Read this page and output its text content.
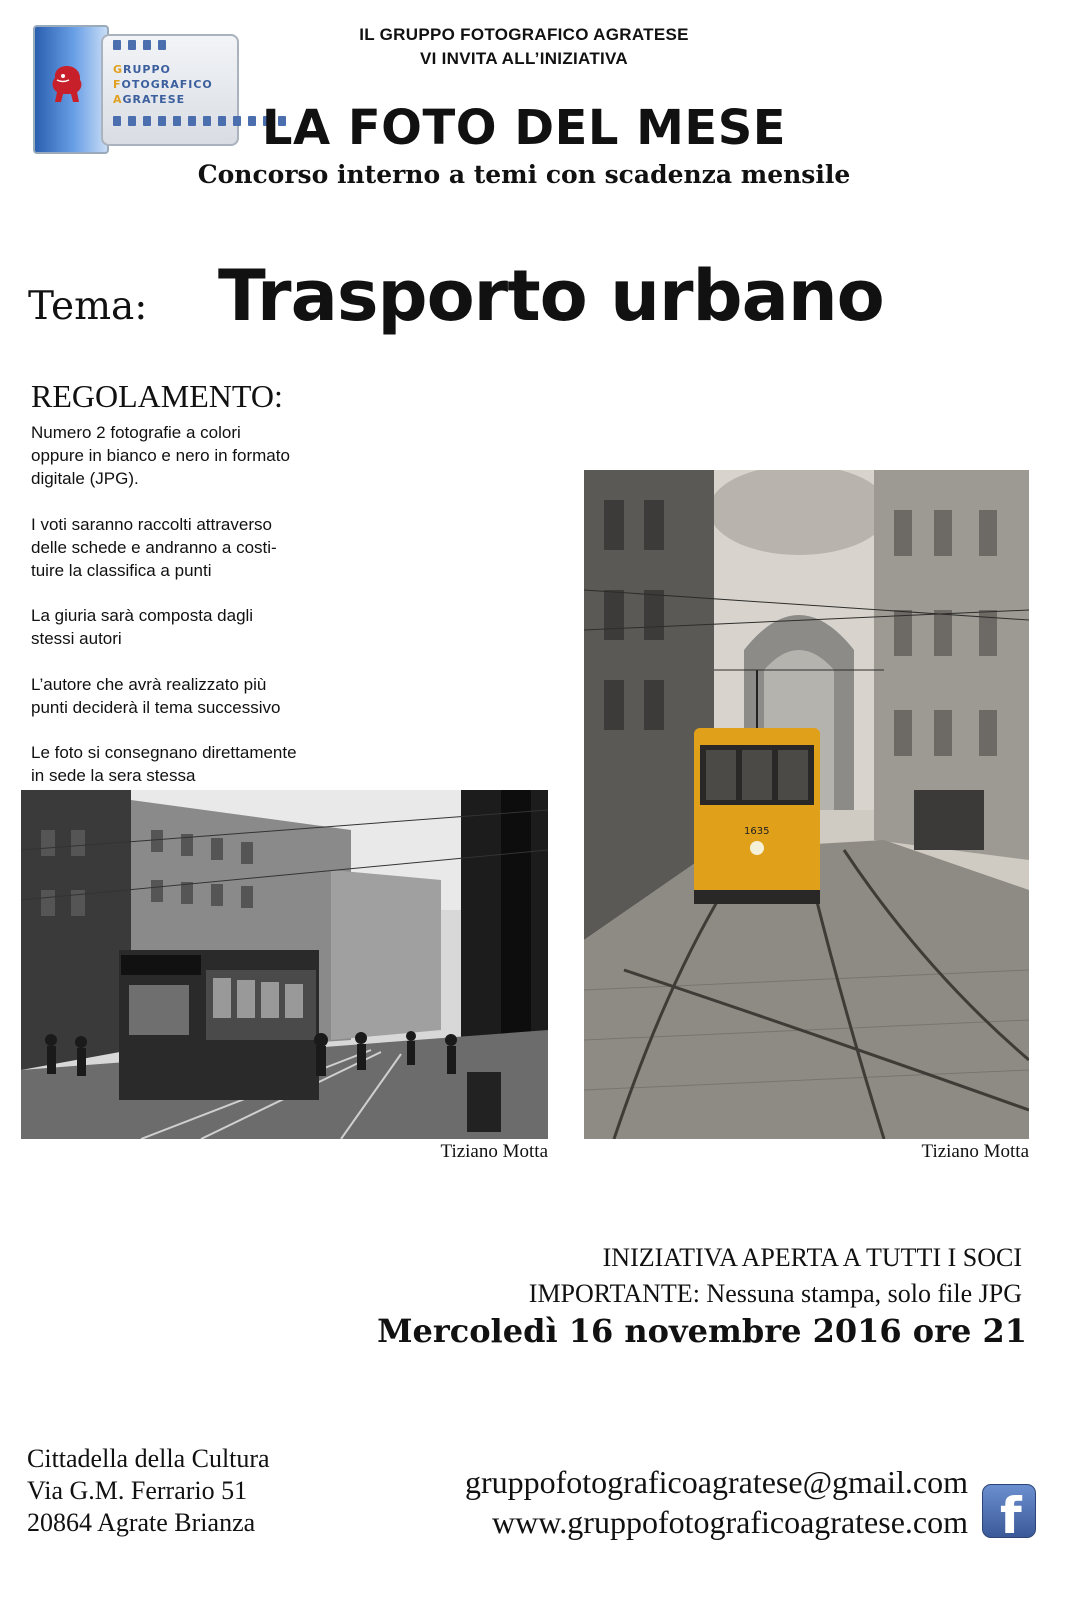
GRUPPO
FOTOGRAFICO
AGRATESE
IL GRUPPO FOTOGRAFICO AGRATESE
VI INVITA ALL’INIZIATIVA
LA FOTO DEL MESE
Concorso interno a temi con scadenza mensile
Tema: Trasporto urbano
REGOLAMENTO:

Numero 2 fotografie a colori
oppure in bianco e nero in formato
digitale (JPG).

I voti saranno raccolti attraverso
delle schede e andranno a costi-
tuire la classifica a punti

La giuria sarà composta dagli
stessi autori

L’autore che avrà realizzato più
punti deciderà il tema successivo

Le foto si consegnano direttamente
in sede la sera stessa

1635
Tiziano Motta	Tiziano Motta
INIZIATIVA APERTA A TUTTI I SOCI
IMPORTANTE: Nessuna stampa, solo file JPG
Mercoledì 16 novembre 2016 ore 21
Cittadella della Cultura
Via G.M. Ferrario 51
20864 Agrate Brianza
gruppofotograficoagratese@gmail.com
www.gruppofotograficoagratese.com f
